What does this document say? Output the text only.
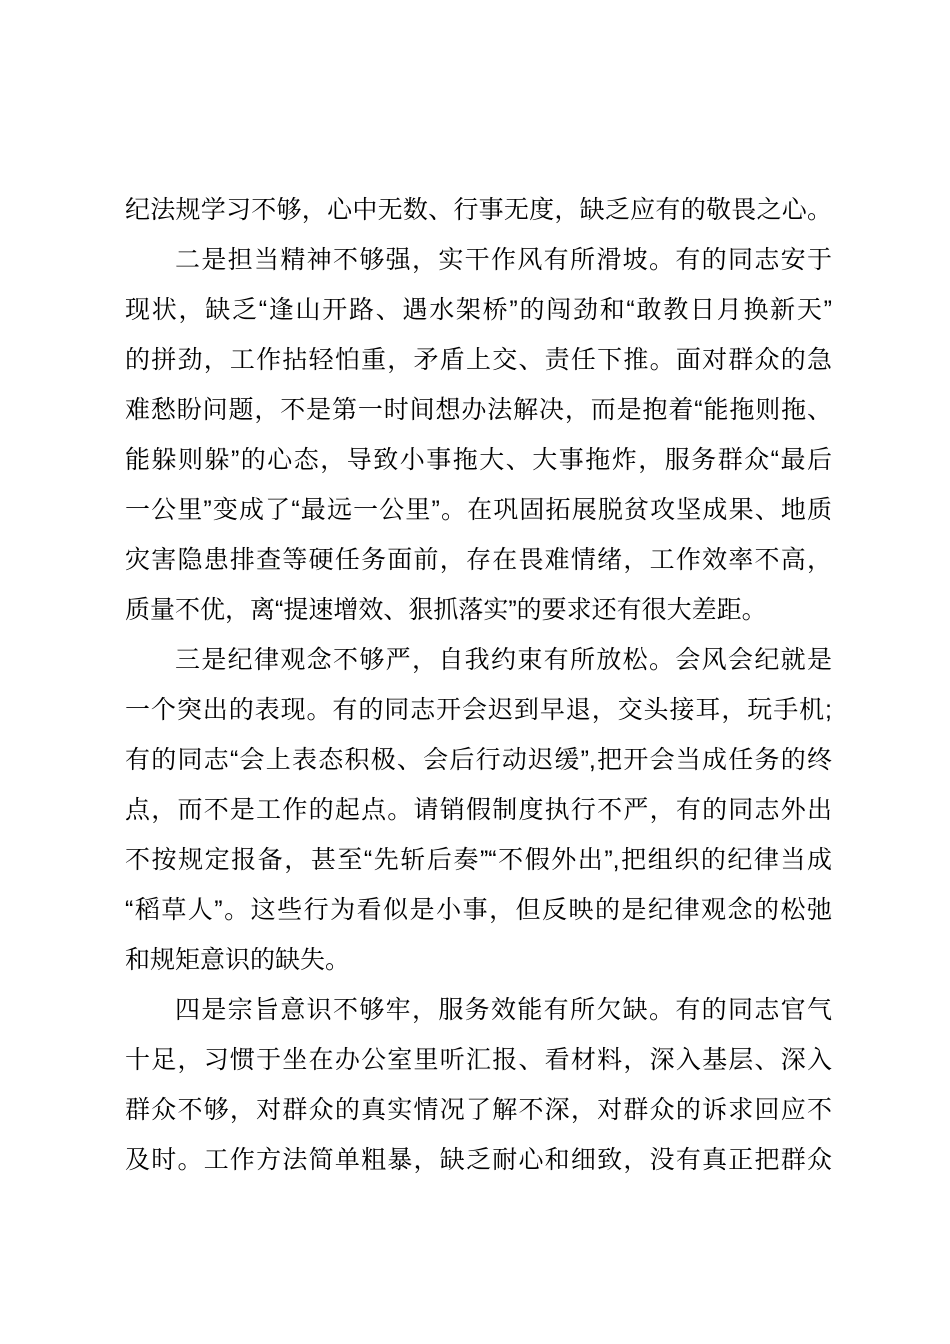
纪法规学习不够，心中无数、行事无度，缺乏应有的敬畏之心。
二是担当精神不够强，实干作风有所滑坡。有的同志安于
现状，缺乏“逢山开路、遇水架桥”的闯劲和“敢教日月换新天”
的拼劲，工作拈轻怕重，矛盾上交、责任下推。面对群众的急
难愁盼问题，不是第一时间想办法解决，而是抱着“能拖则拖、
能躲则躲”的心态，导致小事拖大、大事拖炸，服务群众“最后
一公里”变成了“最远一公里”。在巩固拓展脱贫攻坚成果、地质
灾害隐患排查等硬任务面前，存在畏难情绪，工作效率不高，
质量不优，离“提速增效、狠抓落实”的要求还有很大差距。
三是纪律观念不够严，自我约束有所放松。会风会纪就是
一个突出的表现。有的同志开会迟到早退，交头接耳，玩手机;
有的同志“会上表态积极、会后行动迟缓”,把开会当成任务的终
点，而不是工作的起点。请销假制度执行不严，有的同志外出
不按规定报备，甚至“先斩后奏”“不假外出”,把组织的纪律当成
“稻草人”。这些行为看似是小事，但反映的是纪律观念的松弛
和规矩意识的缺失。
四是宗旨意识不够牢，服务效能有所欠缺。有的同志官气
十足，习惯于坐在办公室里听汇报、看材料，深入基层、深入
群众不够，对群众的真实情况了解不深，对群众的诉求回应不
及时。工作方法简单粗暴，缺乏耐心和细致，没有真正把群众
